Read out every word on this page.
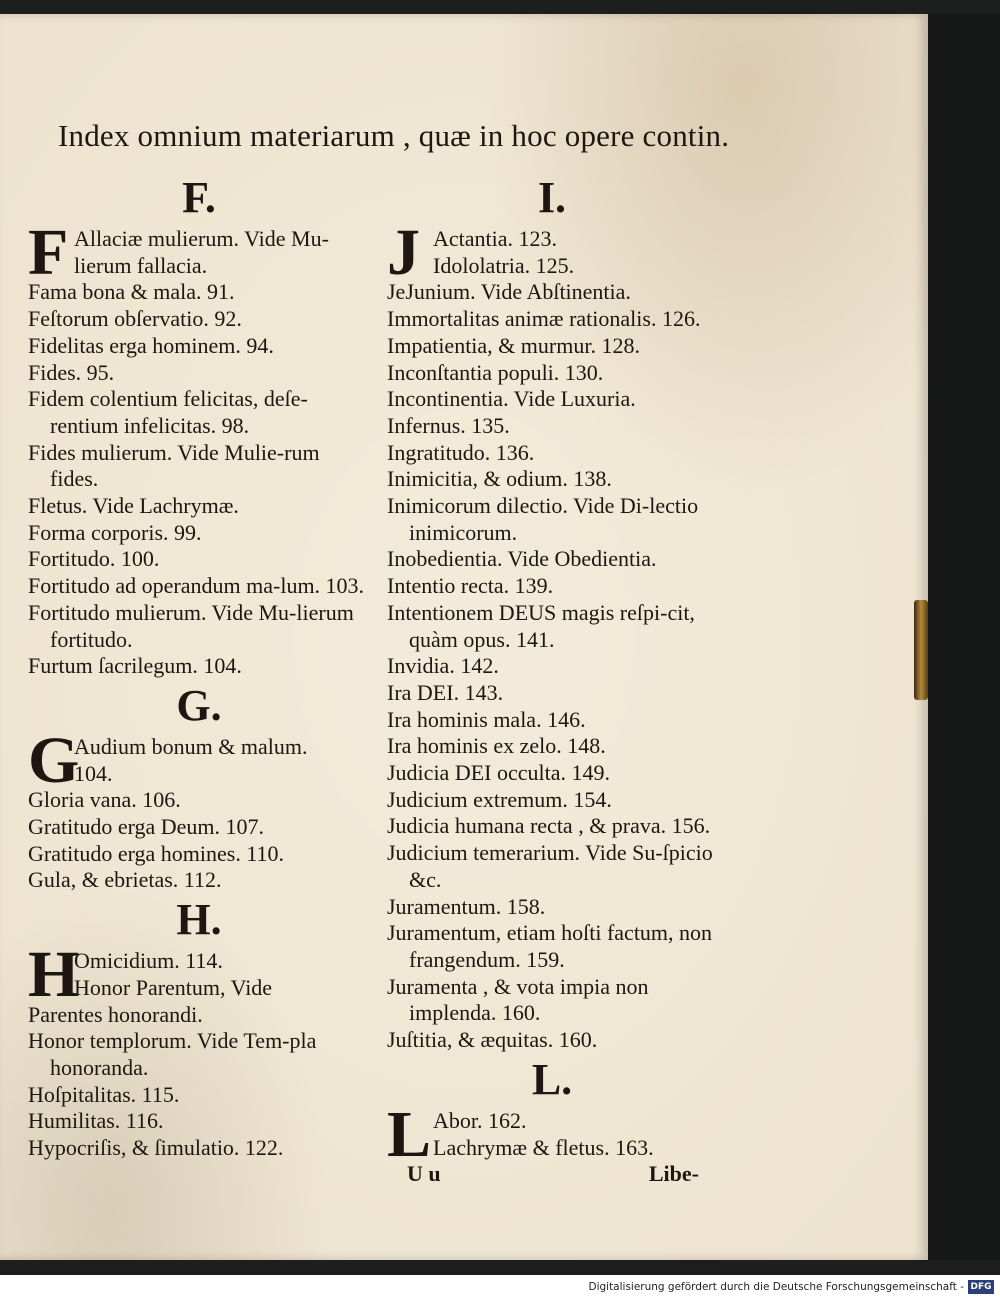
Index omnium materiarum , quæ in hoc opere contin.
F.
F Allaciæ mulierum. Vide Mu-
lierum fallacia.
Fama bona & mala. 91.
Feſtorum obſervatio. 92.
Fidelitas erga hominem. 94.
Fides. 95.
Fidem colentium felicitas, deſe-rentium infelicitas. 98.
Fides mulierum. Vide Mulie-rum fides.
Fletus. Vide Lachrymæ.
Forma corporis. 99.
Fortitudo. 100.
Fortitudo ad operandum ma-lum. 103.
Fortitudo mulierum. Vide Mu-lierum fortitudo.
Furtum ſacrilegum. 104.
G.
G
Audium bonum & malum.
104.
Gloria vana. 106.
Gratitudo erga Deum. 107.
Gratitudo erga homines. 110.
Gula, & ebrietas. 112.
H.
H
Omicidium. 114.
Honor Parentum, Vide
Parentes honorandi.
Honor templorum. Vide Tem-pla honoranda.
Hoſpitalitas. 115.
Humilitas. 116.
Hypocriſis, & ſimulatio. 122.
I.
J Actantia. 123.
Idololatria. 125.
JeJunium. Vide Abſtinentia.
Immortalitas animæ rationalis. 126.
Impatientia, & murmur. 128.
Inconſtantia populi. 130.
Incontinentia. Vide Luxuria.
Infernus. 135.
Ingratitudo. 136.
Inimicitia, & odium. 138.
Inimicorum dilectio. Vide Di-lectio inimicorum.
Inobedientia. Vide Obedientia.
Intentio recta. 139.
Intentionem DEUS magis reſpi-cit, quàm opus. 141.
Invidia. 142.
Ira DEI. 143.
Ira hominis mala. 146.
Ira hominis ex zelo. 148.
Judicia DEI occulta. 149.
Judicium extremum. 154.
Judicia humana recta , & prava. 156.
Judicium temerarium. Vide Su-ſpicio &c.
Juramentum. 158.
Juramentum, etiam hoſti factum, non frangendum. 159.
Juramenta , & vota impia non implenda. 160.
Juſtitia, & æquitas. 160.
L.
L Abor. 162.
Lachrymæ & fletus. 163.
U u	Libe-
Digitalisierung gefördert durch die Deutsche Forschungsgemeinschaft - DFG
